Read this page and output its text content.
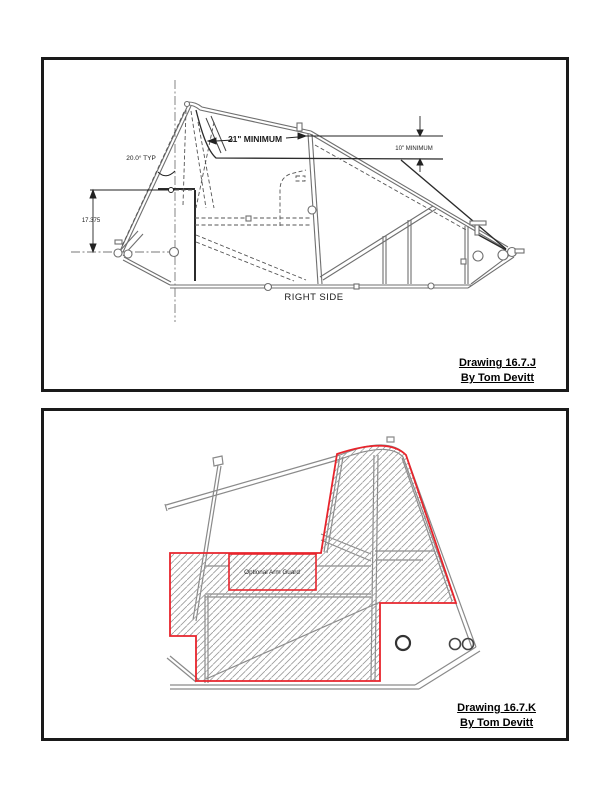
21" MINIMUM
10" MINIMUM
20.0° TYP
17.375
RIGHT SIDE
Drawing 16.7.J
By Tom Devitt
Optional Arm Guard
Drawing 16.7.K
By Tom Devitt
